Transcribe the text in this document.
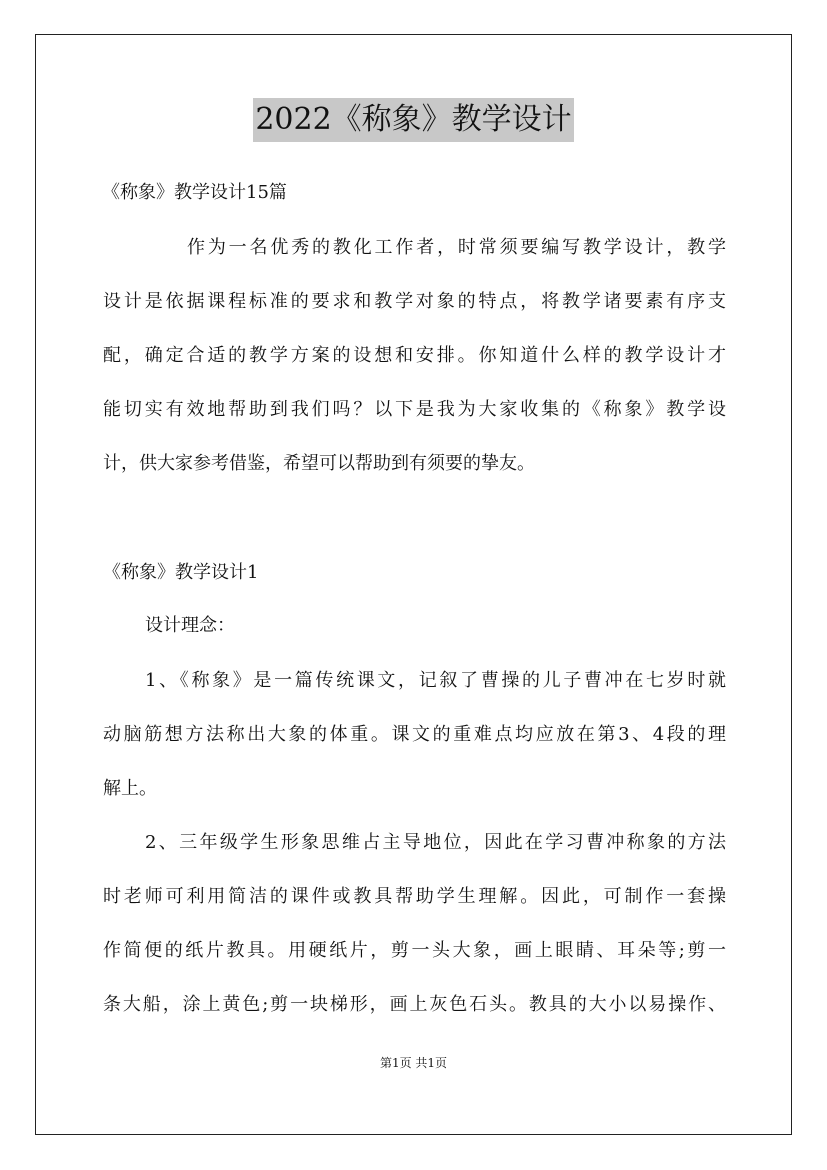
2022《称象》教学设计
《称象》教学设计15篇
作为一名优秀的教化工作者，时常须要编写教学设计，教学
设计是依据课程标准的要求和教学对象的特点，将教学诸要素有序支
配，确定合适的教学方案的设想和安排。你知道什么样的教学设计才
能切实有效地帮助到我们吗？以下是我为大家收集的《称象》教学设
计，供大家参考借鉴，希望可以帮助到有须要的挚友。
《称象》教学设计1
设计理念：
1、《称象》是一篇传统课文，记叙了曹操的儿子曹冲在七岁时就
动脑筋想方法称出大象的体重。课文的重难点均应放在第3、4段的理
解上。
2、三年级学生形象思维占主导地位，因此在学习曹冲称象的方法
时老师可利用简洁的课件或教具帮助学生理解。因此，可制作一套操
作简便的纸片教具。用硬纸片，剪一头大象，画上眼睛、耳朵等;剪一
条大船，涂上黄色;剪一块梯形，画上灰色石头。教具的大小以易操作、
第1页 共1页
